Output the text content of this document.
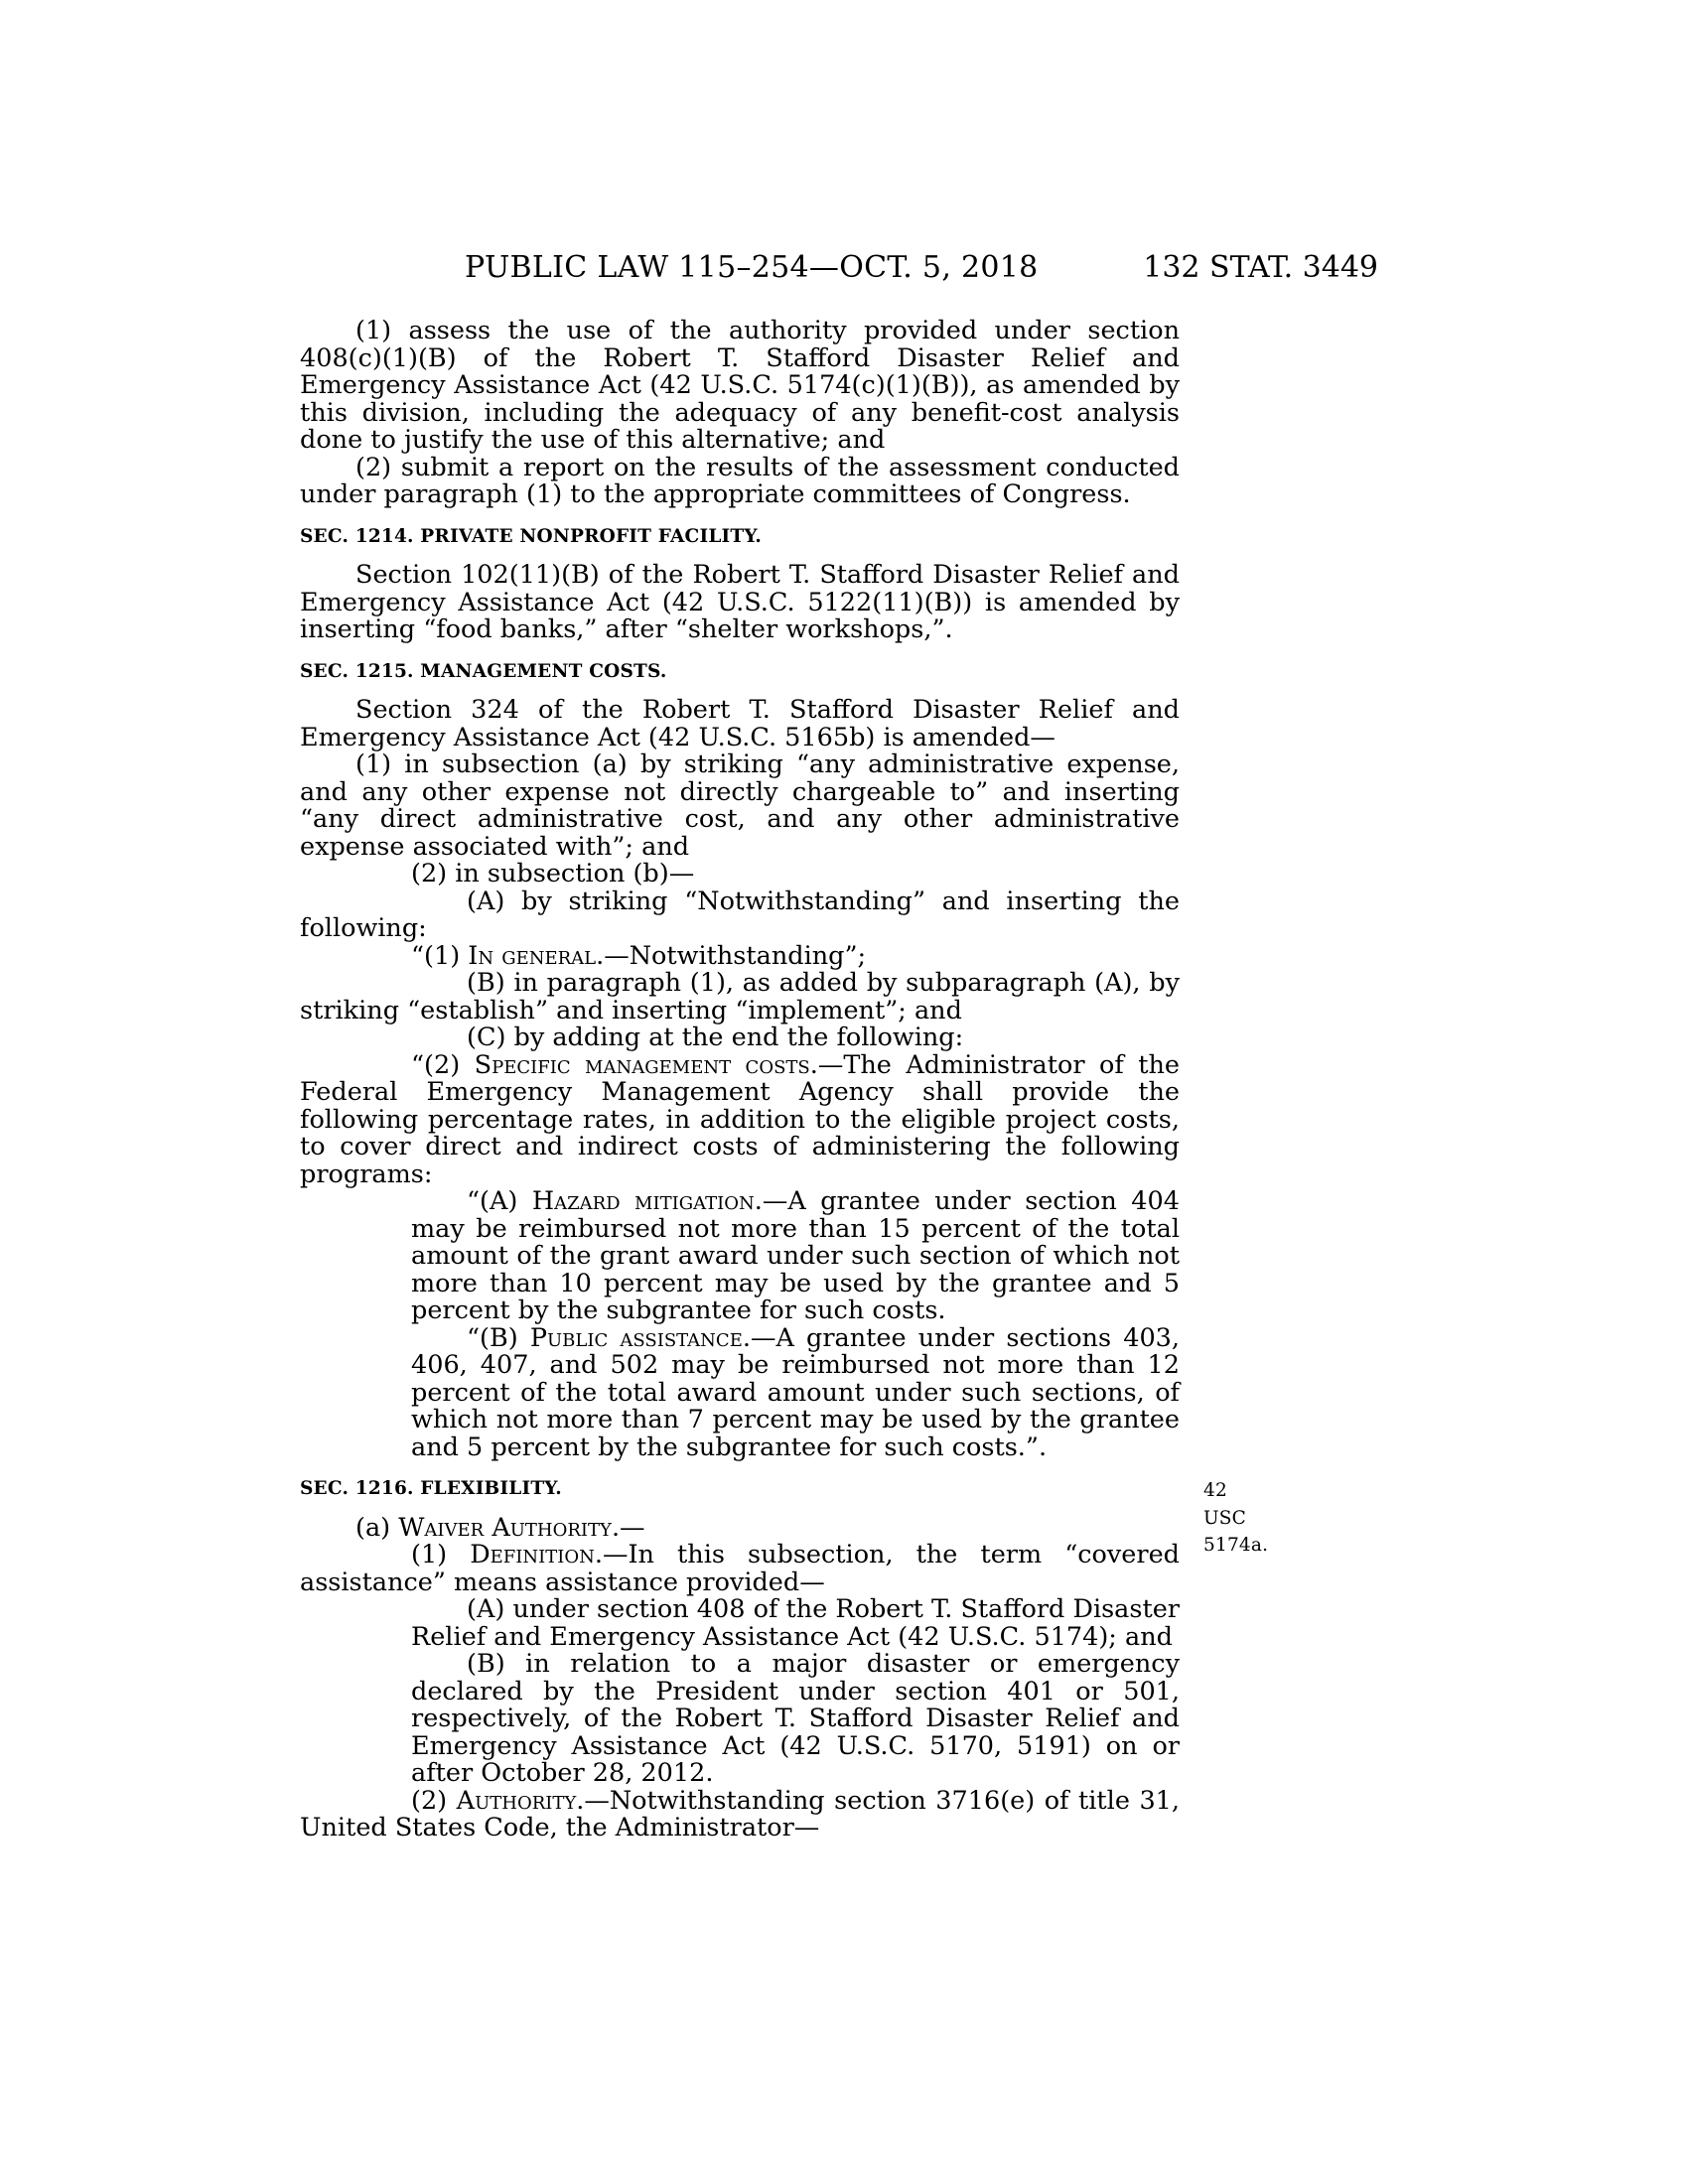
PUBLIC LAW 115–254—OCT. 5, 2018	132 STAT. 3449

(1) assess the use of the authority provided under section 408(c)(1)(B) of the Robert T. Stafford Disaster Relief and Emergency Assistance Act (42 U.S.C. 5174(c)(1)(B)), as amended by this division, including the adequacy of any benefit-cost analysis done to justify the use of this alternative; and

(2) submit a report on the results of the assessment conducted under paragraph (1) to the appropriate committees of Congress.

SEC. 1214. PRIVATE NONPROFIT FACILITY.

Section 102(11)(B) of the Robert T. Stafford Disaster Relief and Emergency Assistance Act (42 U.S.C. 5122(11)(B)) is amended by inserting “food banks,” after “shelter workshops,”.

SEC. 1215. MANAGEMENT COSTS.

Section 324 of the Robert T. Stafford Disaster Relief and Emergency Assistance Act (42 U.S.C. 5165b) is amended—

(1) in subsection (a) by striking “any administrative expense, and any other expense not directly chargeable to” and inserting “any direct administrative cost, and any other administrative expense associated with”; and

(2) in subsection (b)—

(A) by striking “Notwithstanding” and inserting the following:

“(1) In general.—Notwithstanding”;

(B) in paragraph (1), as added by subparagraph (A), by striking “establish” and inserting “implement”; and

(C) by adding at the end the following:

“(2) Specific management costs.—The Administrator of the Federal Emergency Management Agency shall provide the following percentage rates, in addition to the eligible project costs, to cover direct and indirect costs of administering the following programs:

“(A) Hazard mitigation.—A grantee under section 404 may be reimbursed not more than 15 percent of the total amount of the grant award under such section of which not more than 10 percent may be used by the grantee and 5 percent by the subgrantee for such costs.

“(B) Public assistance.—A grantee under sections 403, 406, 407, and 502 may be reimbursed not more than 12 percent of the total award amount under such sections, of which not more than 7 percent may be used by the grantee and 5 percent by the subgrantee for such costs.”.

SEC. 1216. FLEXIBILITY.	42 USC 5174a.

(a) Waiver Authority.—

(1) Definition.—In this subsection, the term “covered assistance” means assistance provided—

(A) under section 408 of the Robert T. Stafford Disaster Relief and Emergency Assistance Act (42 U.S.C. 5174); and

(B) in relation to a major disaster or emergency declared by the President under section 401 or 501, respectively, of the Robert T. Stafford Disaster Relief and Emergency Assistance Act (42 U.S.C. 5170, 5191) on or after October 28, 2012.

(2) Authority.—Notwithstanding section 3716(e) of title 31, United States Code, the Administrator—
